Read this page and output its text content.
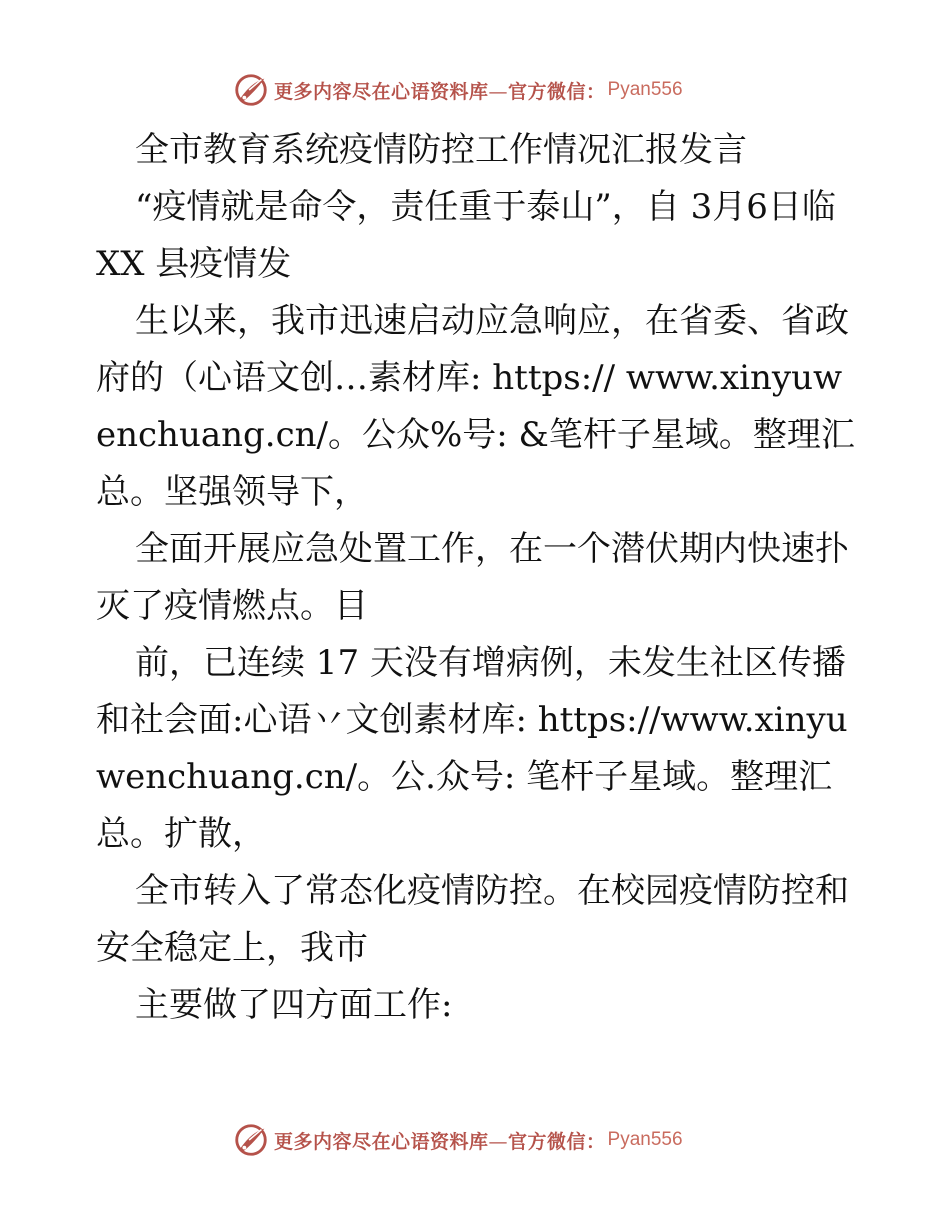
更多内容尽在心语资料库—官方微信： Pyan556

全市教育系统疫情防控工作情况汇报发言

“疫情就是命令，责任重于泰山”，自 3月6日临 XX 县疫情发

生以来，我市迅速启动应急响应，在省委、省政府的（心语文创…素材库: https:// www.xinyuwenchuang.cn/。公众%号: &笔杆子星域。整理汇总。坚强领导下，

全面开展应急处置工作，在一个潜伏期内快速扑灭了疫情燃点。目

前，已连续 17 天没有增病例，未发生社区传播和社会面:心语丷文创素材库: https://www.xinyuwenchuang.cn/。公.众号: 笔杆子星域。整理汇总。扩散，

全市转入了常态化疫情防控。在校园疫情防控和安全稳定上，我市

主要做了四方面工作:

更多内容尽在心语资料库—官方微信： Pyan556
